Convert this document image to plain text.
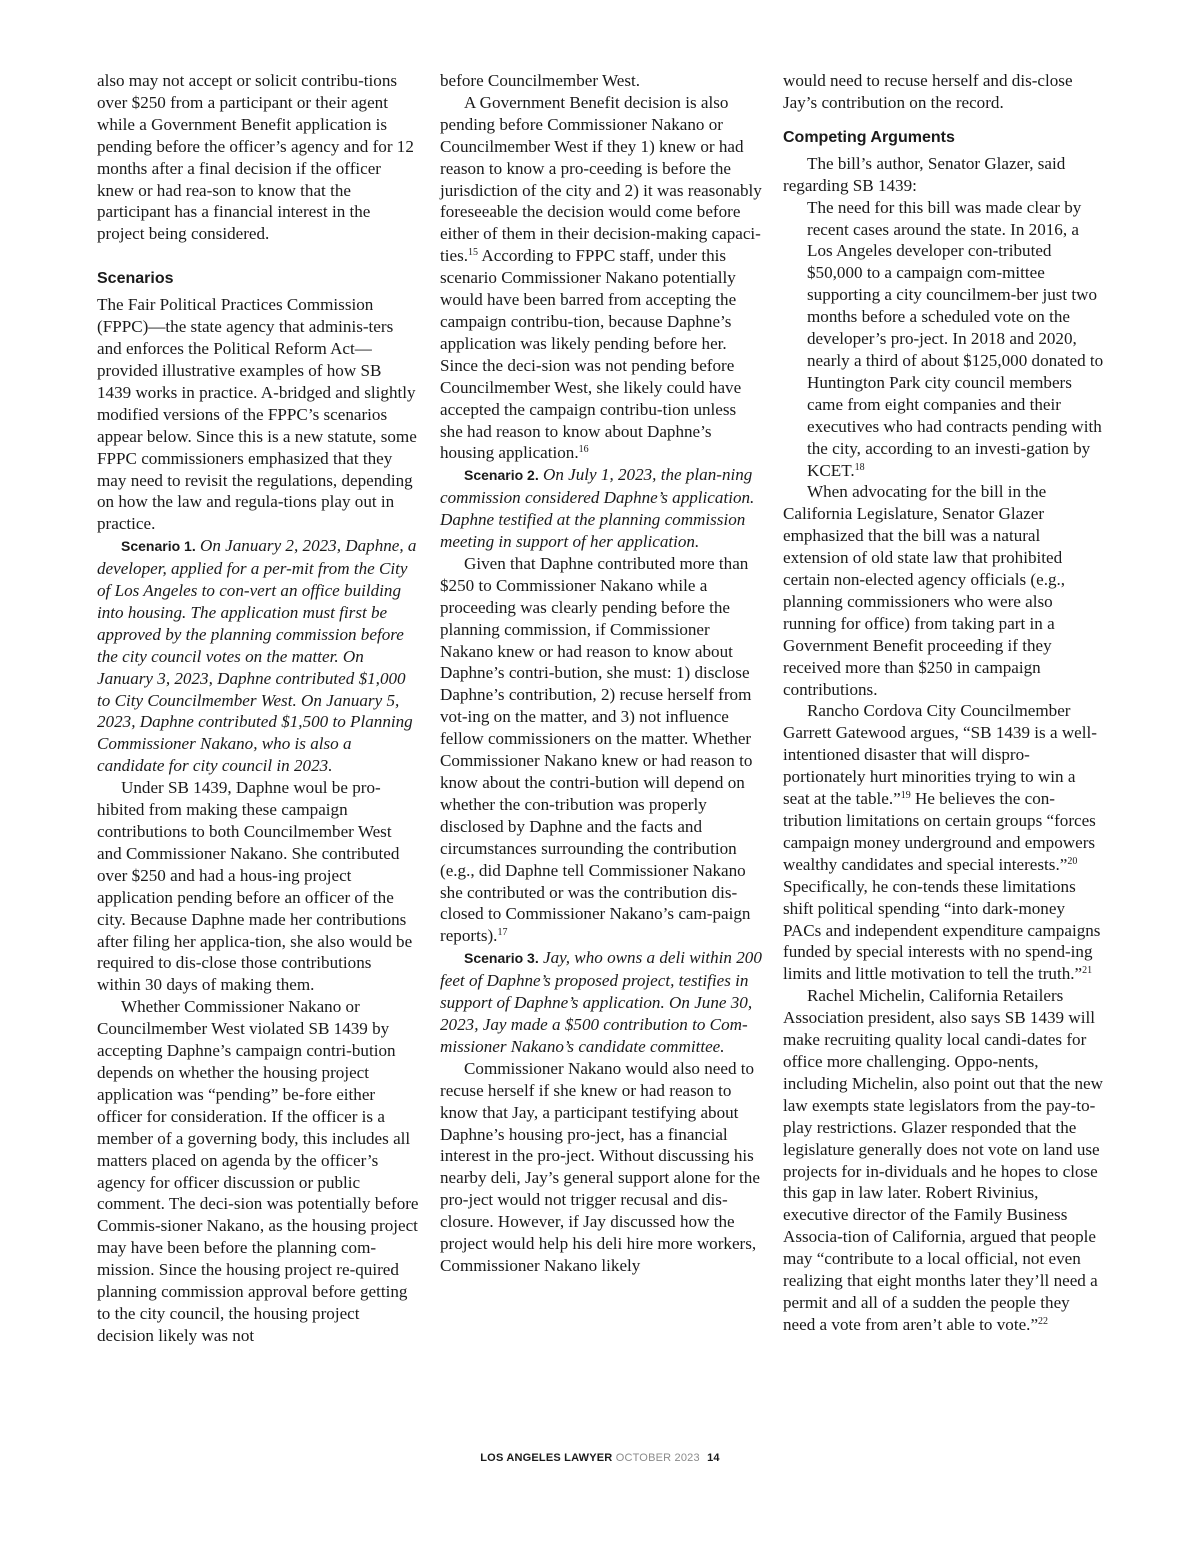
also may not accept or solicit contribu-tions over $250 from a participant or their agent while a Government Benefit application is pending before the officer’s agency and for 12 months after a final decision if the officer knew or had rea-son to know that the participant has a financial interest in the project being considered.

Scenarios

The Fair Political Practices Commission (FPPC)—the state agency that adminis-ters and enforces the Political Reform Act—provided illustrative examples of how SB 1439 works in practice. A-bridged and slightly modified versions of the FPPC’s scenarios appear below. Since this is a new statute, some FPPC commissioners emphasized that they may need to revisit the regulations, depending on how the law and regula-tions play out in practice.

Scenario 1. On January 2, 2023, Daphne, a developer, applied for a per-mit from the City of Los Angeles to con-vert an office building into housing. The application must first be approved by the planning commission before the city council votes on the matter. On January 3, 2023, Daphne contributed $1,000 to City Councilmember West. On January 5, 2023, Daphne contributed $1,500 to Planning Commissioner Nakano, who is also a candidate for city council in 2023.

Under SB 1439, Daphne woul be pro-hibited from making these campaign contributions to both Councilmember West and Commissioner Nakano. She contributed over $250 and had a hous-ing project application pending before an officer of the city. Because Daphne made her contributions after filing her applica-tion, she also would be required to dis-close those contributions within 30 days of making them.

Whether Commissioner Nakano or Councilmember West violated SB 1439 by accepting Daphne’s campaign contri-bution depends on whether the housing project application was “pending” be-fore either officer for consideration. If the officer is a member of a governing body, this includes all matters placed on agenda by the officer’s agency for officer discussion or public comment. The deci-sion was potentially before Commis-sioner Nakano, as the housing project may have been before the planning com-mission. Since the housing project re-quired planning commission approval before getting to the city council, the housing project decision likely was not

before Councilmember West.

A Government Benefit decision is also pending before Commissioner Nakano or Councilmember West if they 1) knew or had reason to know a pro-ceeding is before the jurisdiction of the city and 2) it was reasonably foreseeable the decision would come before either of them in their decision-making capaci-ties.$^{15}$ According to FPPC staff, under this scenario Commissioner Nakano potentially would have been barred from accepting the campaign contribu-tion, because Daphne’s application was likely pending before her. Since the deci-sion was not pending before Councilmember West, she likely could have accepted the campaign contribu-tion unless she had reason to know about Daphne’s housing application.$^{16}$

Scenario 2. On July 1, 2023, the plan-ning commission considered Daphne’s application. Daphne testified at the planning commission meeting in support of her application.

Given that Daphne contributed more than $250 to Commissioner Nakano while a proceeding was clearly pending before the planning commission, if Commissioner Nakano knew or had reason to know about Daphne’s contri-bution, she must: 1) disclose Daphne’s contribution, 2) recuse herself from vot-ing on the matter, and 3) not influence fellow commissioners on the matter. Whether Commissioner Nakano knew or had reason to know about the contri-bution will depend on whether the con-tribution was properly disclosed by Daphne and the facts and circumstances surrounding the contribution (e.g., did Daphne tell Commissioner Nakano she contributed or was the contribution dis-closed to Commissioner Nakano’s cam-paign reports).$^{17}$

Scenario 3. Jay, who owns a deli within 200 feet of Daphne’s proposed project, testifies in support of Daphne’s application. On June 30, 2023, Jay made a $500 contribution to Com-missioner Nakano’s candidate committee.

Commissioner Nakano would also need to recuse herself if she knew or had reason to know that Jay, a participant testifying about Daphne’s housing pro-ject, has a financial interest in the pro-ject. Without discussing his nearby deli, Jay’s general support alone for the pro-ject would not trigger recusal and dis-closure. However, if Jay discussed how the project would help his deli hire more workers, Commissioner Nakano likely

would need to recuse herself and dis-close Jay’s contribution on the record.

Competing Arguments

The bill’s author, Senator Glazer, said regarding SB 1439:

The need for this bill was made clear by recent cases around the state. In 2016, a Los Angeles developer con-tributed $50,000 to a campaign com-mittee supporting a city councilmem-ber just two months before a scheduled vote on the developer’s pro-ject. In 2018 and 2020, nearly a third of about $125,000 donated to Huntington Park city council members came from eight companies and their executives who had contracts pending with the city, according to an investi-gation by KCET.$^{18}$

When advocating for the bill in the California Legislature, Senator Glazer emphasized that the bill was a natural extension of old state law that prohibited certain non-elected agency officials (e.g., planning commissioners who were also running for office) from taking part in a Government Benefit proceeding if they received more than $250 in campaign contributions.

Rancho Cordova City Councilmember Garrett Gatewood argues, “SB 1439 is a well-intentioned disaster that will dispro-portionately hurt minorities trying to win a seat at the table.”$^{19}$ He believes the con-tribution limitations on certain groups “forces campaign money underground and empowers wealthy candidates and special interests.”$^{20}$ Specifically, he con-tends these limitations shift political spending “into dark-money PACs and independent expenditure campaigns funded by special interests with no spend-ing limits and little motivation to tell the truth.”$^{21}$

Rachel Michelin, California Retailers Association president, also says SB 1439 will make recruiting quality local candi-dates for office more challenging. Oppo-nents, including Michelin, also point out that the new law exempts state legislators from the pay-to-play restrictions. Glazer responded that the legislature generally does not vote on land use projects for in-dividuals and he hopes to close this gap in law later. Robert Rivinius, executive director of the Family Business Associa-tion of California, argued that people may “contribute to a local official, not even realizing that eight months later they’ll need a permit and all of a sudden the people they need a vote from aren’t able to vote.”$^{22}$

LOS ANGELES LAWYER OCTOBER 2023 14
